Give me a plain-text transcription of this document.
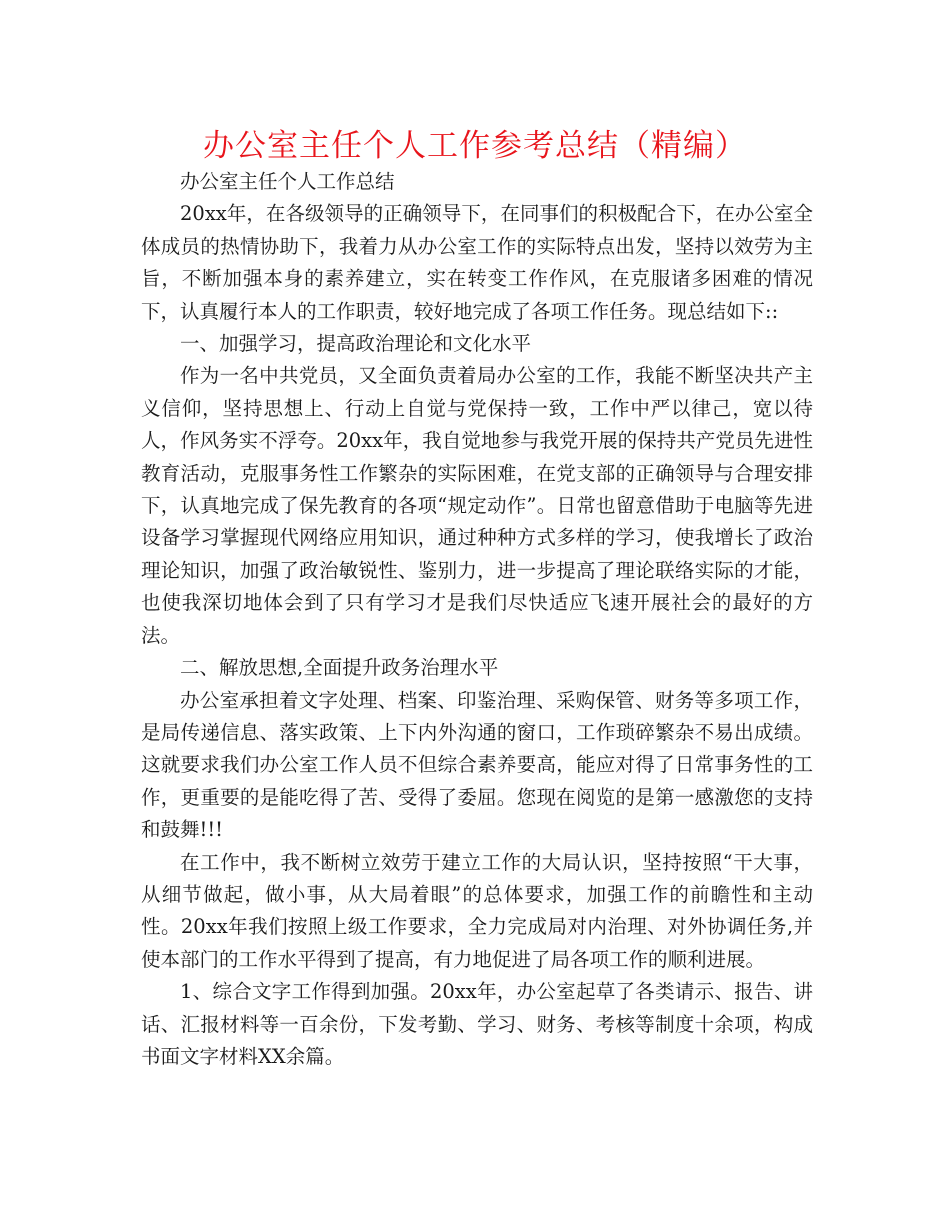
办公室主任个人工作参考总结（精编）

办公室主任个人工作总结

20xx年，在各级领导的正确领导下，在同事们的积极配合下，在办公室全体成员的热情协助下，我着力从办公室工作的实际特点出发，坚持以效劳为主旨，不断加强本身的素养建立，实在转变工作作风，在克服诸多困难的情况下，认真履行本人的工作职责，较好地完成了各项工作任务。现总结如下::

一、加强学习，提高政治理论和文化水平

作为一名中共党员，又全面负责着局办公室的工作，我能不断坚决共产主义信仰，坚持思想上、行动上自觉与党保持一致，工作中严以律己，宽以待人，作风务实不浮夸。20xx年，我自觉地参与我党开展的保持共产党员先进性教育活动，克服事务性工作繁杂的实际困难，在党支部的正确领导与合理安排下，认真地完成了保先教育的各项“规定动作”。日常也留意借助于电脑等先进设备学习掌握现代网络应用知识，通过种种方式多样的学习，使我增长了政治理论知识，加强了政治敏锐性、鉴别力，进一步提高了理论联络实际的才能，也使我深切地体会到了只有学习才是我们尽快适应飞速开展社会的最好的方法。

二、解放思想,全面提升政务治理水平

办公室承担着文字处理、档案、印鉴治理、采购保管、财务等多项工作，是局传递信息、落实政策、上下内外沟通的窗口，工作琐碎繁杂不易出成绩。这就要求我们办公室工作人员不但综合素养要高，能应对得了日常事务性的工作，更重要的是能吃得了苦、受得了委屈。您现在阅览的是第一感激您的支持和鼓舞!!!

在工作中，我不断树立效劳于建立工作的大局认识，坚持按照“干大事，从细节做起，做小事，从大局着眼”的总体要求，加强工作的前瞻性和主动性。20xx年我们按照上级工作要求，全力完成局对内治理、对外协调任务,并使本部门的工作水平得到了提高，有力地促进了局各项工作的顺利进展。

1、综合文字工作得到加强。20xx年，办公室起草了各类请示、报告、讲话、汇报材料等一百余份，下发考勤、学习、财务、考核等制度十余项，构成书面文字材料XX余篇。
